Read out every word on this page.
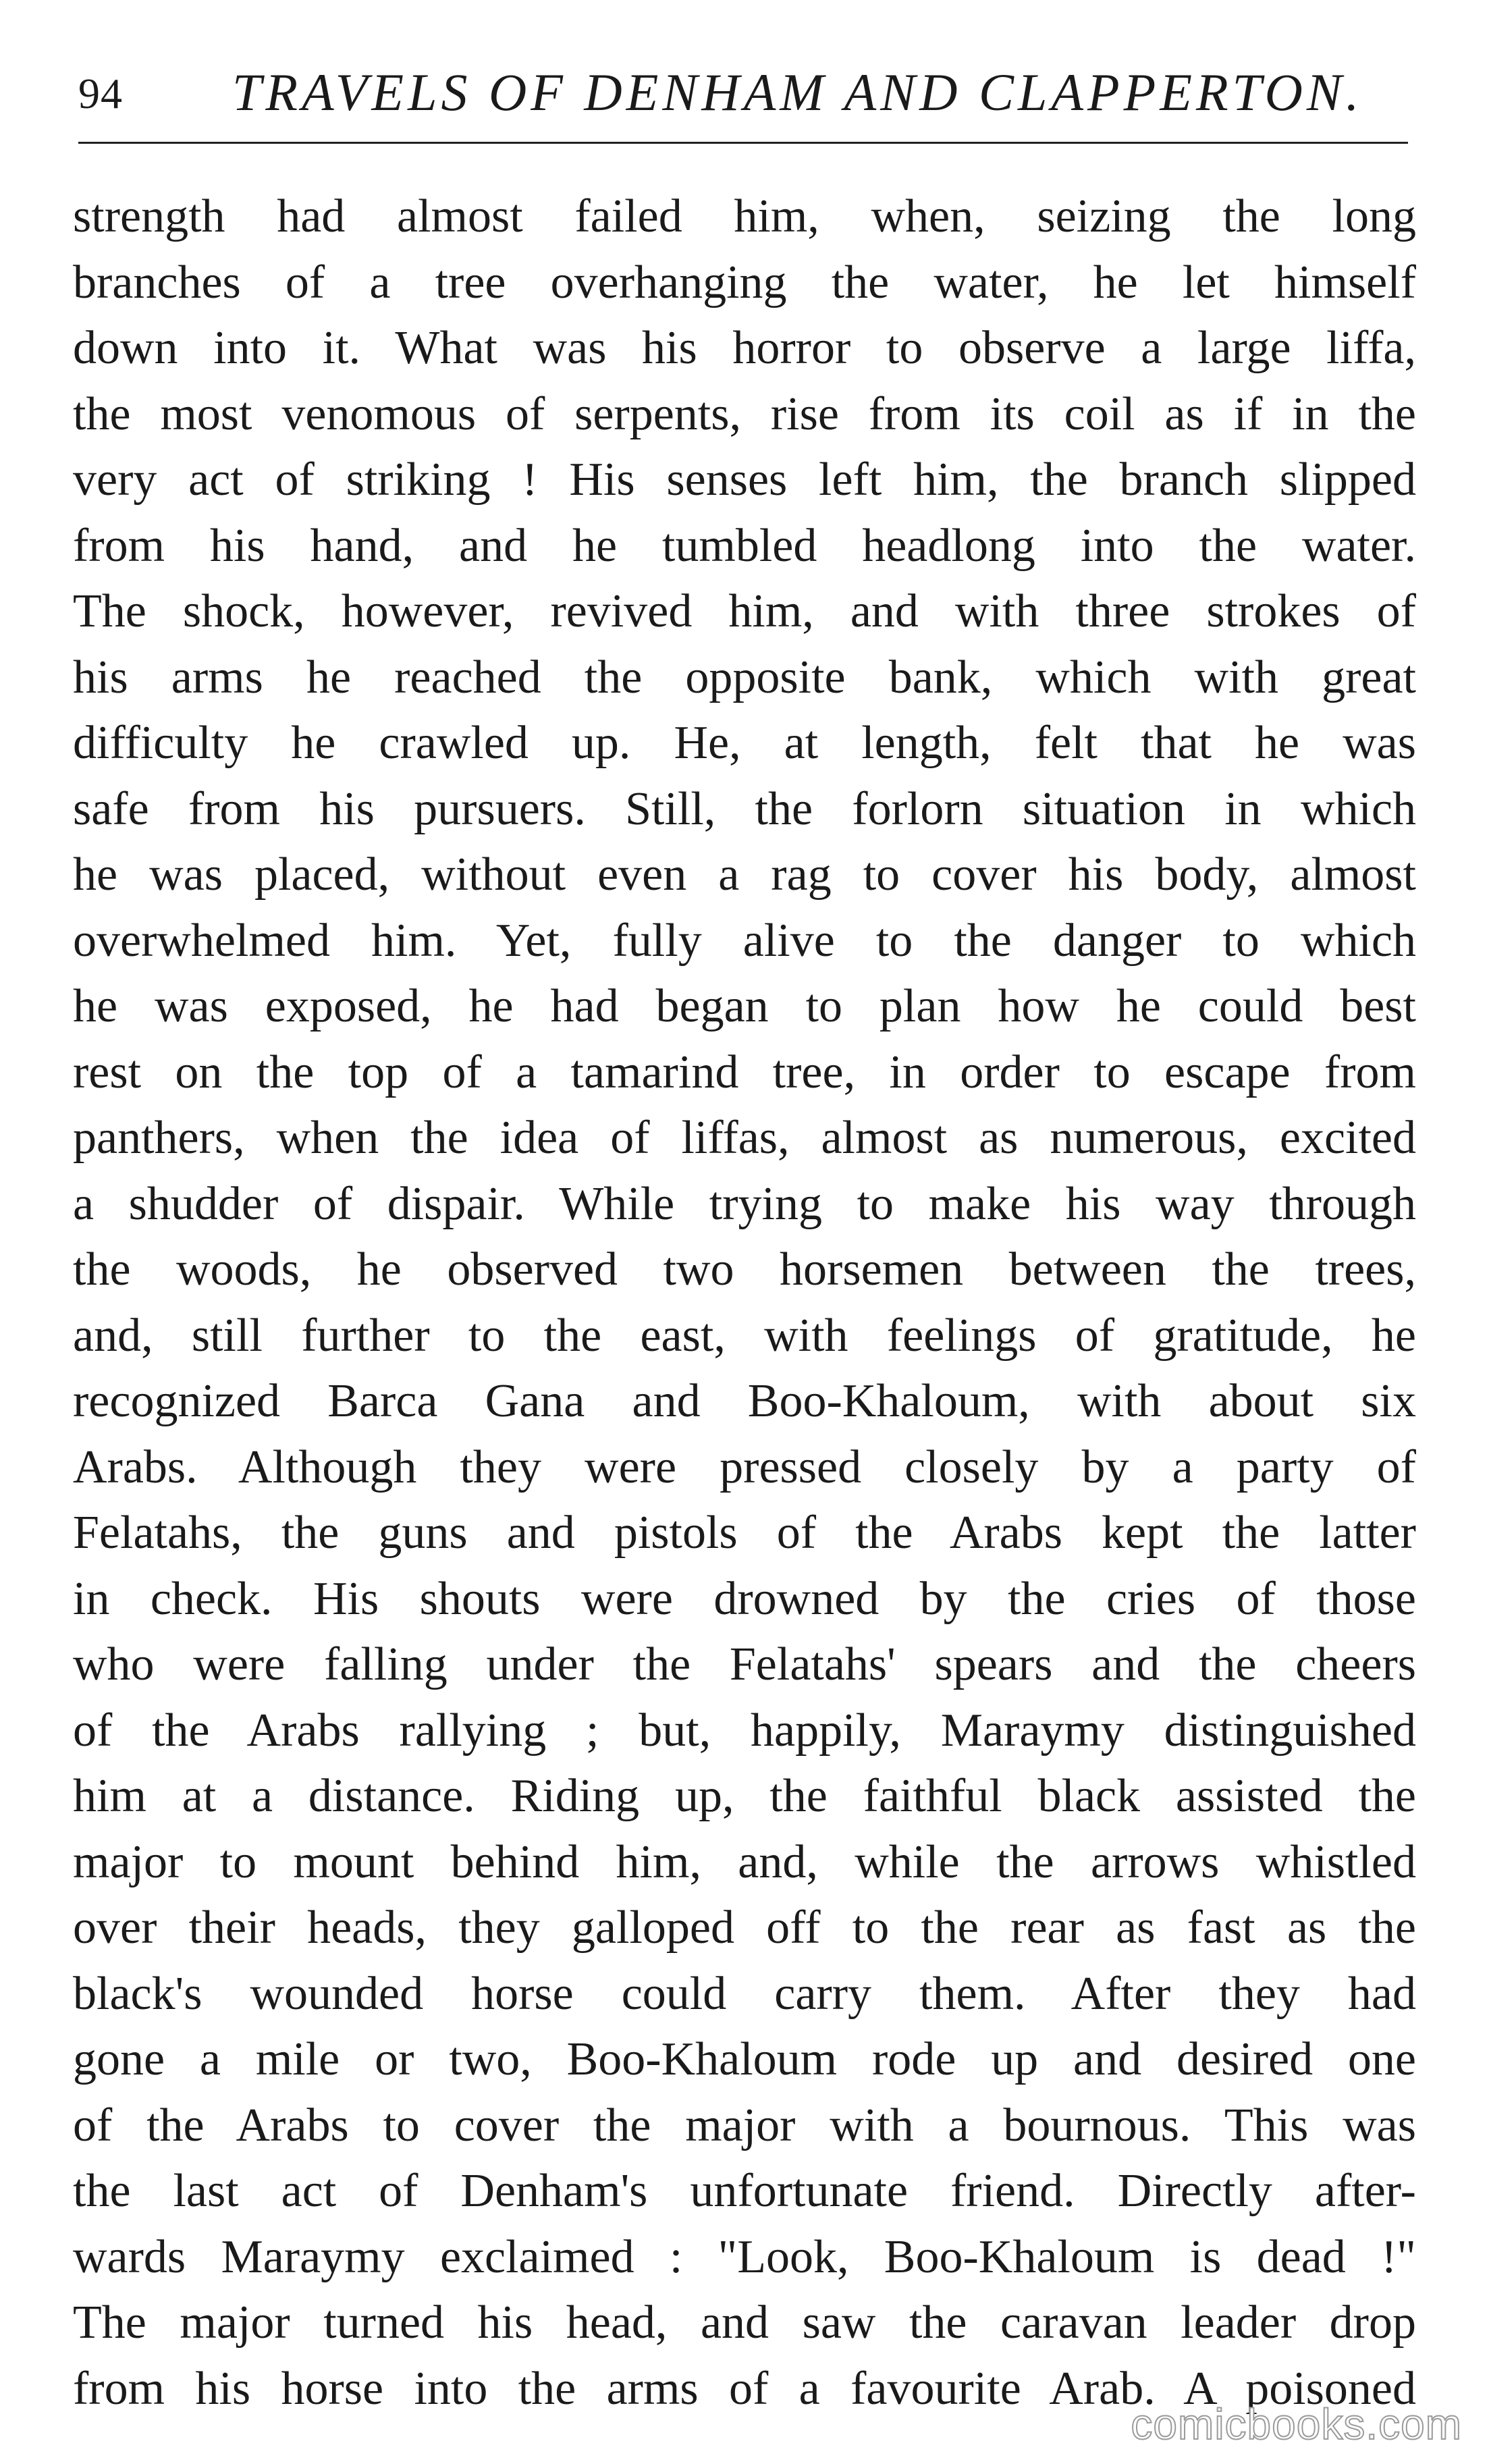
94 TRAVELS OF DENHAM AND CLAPPERTON.
strength had almost failed him, when, seizing the long
branches of a tree overhanging the water, he let himself
down into it. What was his horror to observe a large liffa,
the most venomous of serpents, rise from its coil as if in the
very act of striking ! His senses left him, the branch slipped
from his hand, and he tumbled headlong into the water.
The shock, however, revived him, and with three strokes of
his arms he reached the opposite bank, which with great
difficulty he crawled up. He, at length, felt that he was
safe from his pursuers. Still, the forlorn situation in which
he was placed, without even a rag to cover his body, almost
overwhelmed him. Yet, fully alive to the danger to which
he was exposed, he had began to plan how he could best
rest on the top of a tamarind tree, in order to escape from
panthers, when the idea of liffas, almost as numerous, excited
a shudder of dispair. While trying to make his way through
the woods, he observed two horsemen between the trees,
and, still further to the east, with feelings of gratitude, he
recognized Barca Gana and Boo-Khaloum, with about six
Arabs. Although they were pressed closely by a party of
Felatahs, the guns and pistols of the Arabs kept the latter
in check. His shouts were drowned by the cries of those
who were falling under the Felatahs' spears and the cheers
of the Arabs rallying ; but, happily, Maraymy distinguished
him at a distance. Riding up, the faithful black assisted the
major to mount behind him, and, while the arrows whistled
over their heads, they galloped off to the rear as fast as the
black's wounded horse could carry them. After they had
gone a mile or two, Boo-Khaloum rode up and desired one
of the Arabs to cover the major with a bournous. This was
the last act of Denham's unfortunate friend. Directly after-
wards Maraymy exclaimed : "Look, Boo-Khaloum is dead !"
The major turned his head, and saw the caravan leader drop
from his horse into the arms of a favourite Arab. A poisoned
comicbooks.com
